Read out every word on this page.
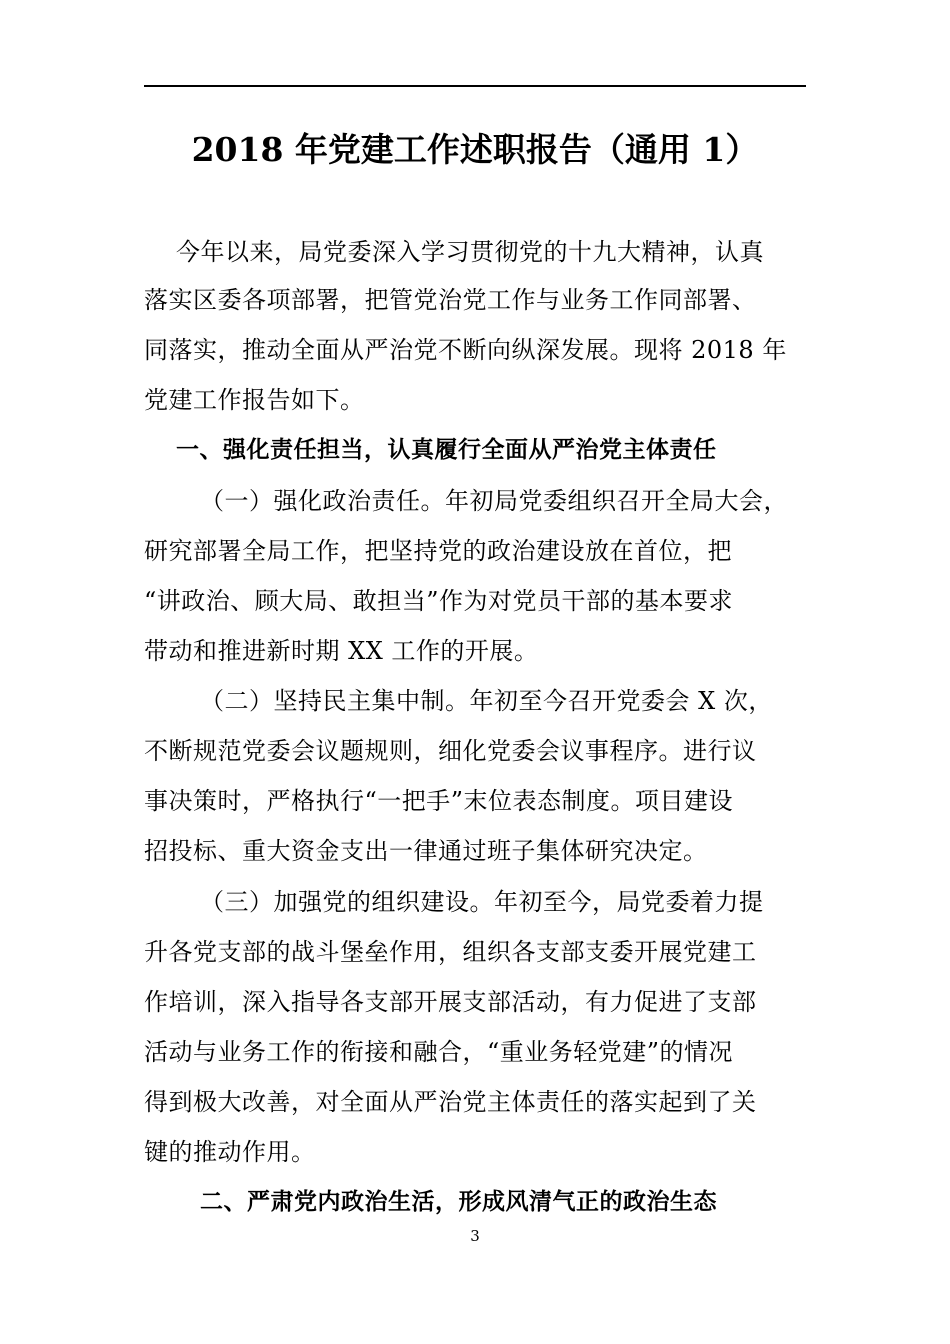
2018 年党建工作述职报告（通用 1）
今年以来，局党委深入学习贯彻党的十九大精神，认真
落实区委各项部署，把管党治党工作与业务工作同部署、
同落实，推动全面从严治党不断向纵深发展。现将 2018 年
党建工作报告如下。
一、强化责任担当，认真履行全面从严治党主体责任
（一）强化政治责任。年初局党委组织召开全局大会，
研究部署全局工作，把坚持党的政治建设放在首位，把
“讲政治、顾大局、敢担当”作为对党员干部的基本要求
带动和推进新时期 XX 工作的开展。
（二）坚持民主集中制。年初至今召开党委会 X 次，
不断规范党委会议题规则，细化党委会议事程序。进行议
事决策时，严格执行“一把手”末位表态制度。项目建设
招投标、重大资金支出一律通过班子集体研究决定。
（三）加强党的组织建设。年初至今，局党委着力提
升各党支部的战斗堡垒作用，组织各支部支委开展党建工
作培训，深入指导各支部开展支部活动，有力促进了支部
活动与业务工作的衔接和融合，“重业务轻党建”的情况
得到极大改善，对全面从严治党主体责任的落实起到了关
键的推动作用。
二、严肃党内政治生活，形成风清气正的政治生态
3
